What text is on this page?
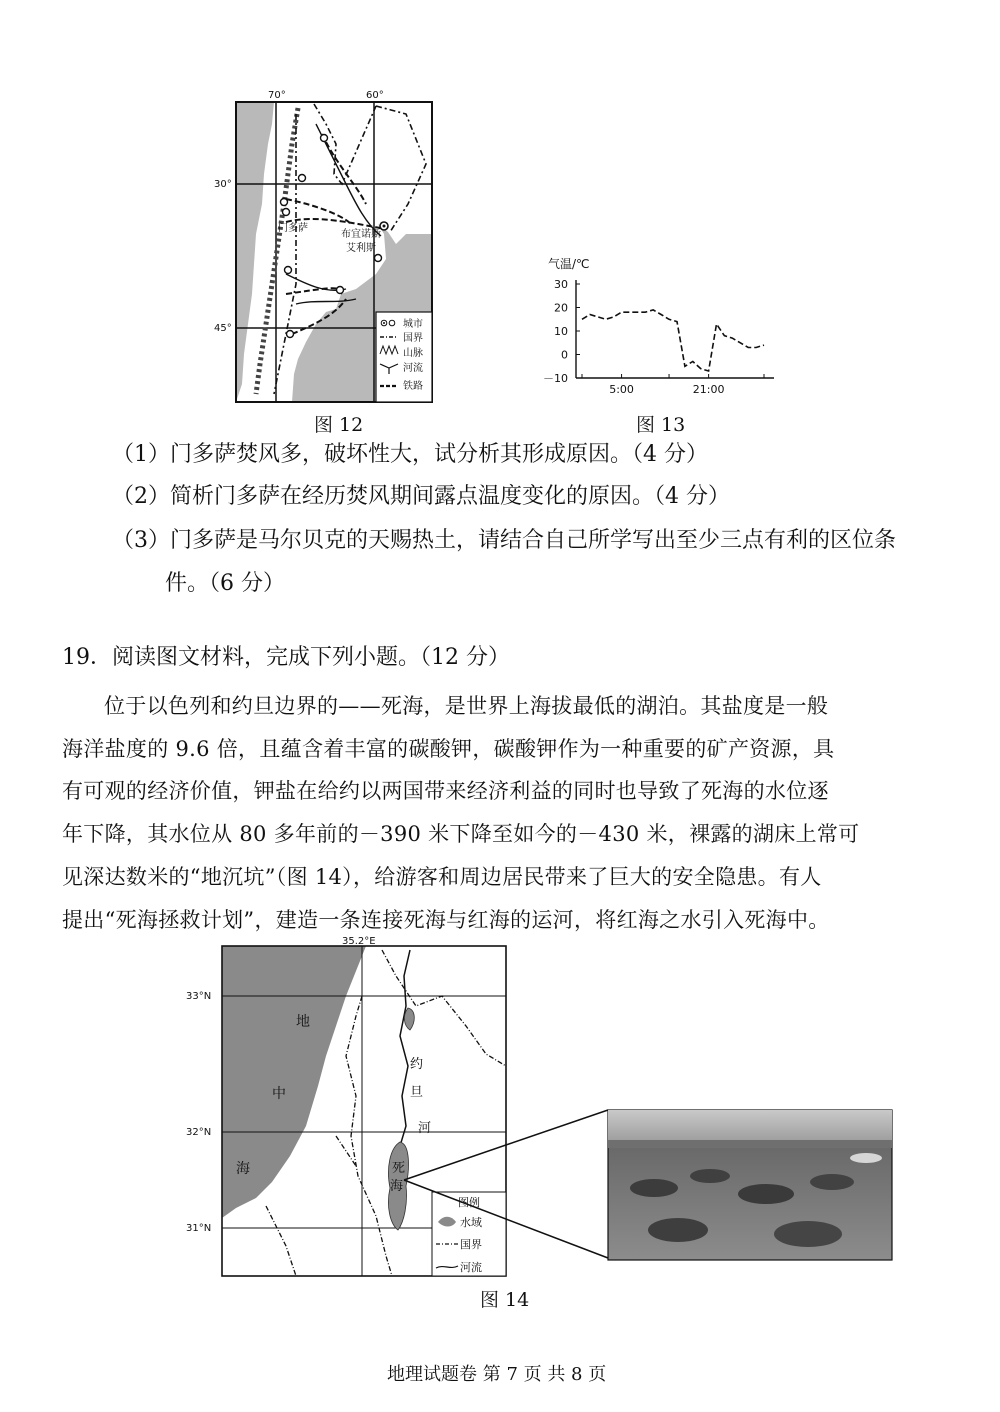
城市
国界
山脉
河流
铁路
门多萨
布宜诺斯
艾利斯
70°	60°
30°
45°
图 12
气温/℃
30
20
10
0
－10
5:00	21:00
图 13
（1）门多萨焚风多，破坏性大，试分析其形成原因。（4 分）
（2）简析门多萨在经历焚风期间露点温度变化的原因。（4 分）
（3）门多萨是马尔贝克的天赐热土，请结合自己所学写出至少三点有利的区位条
件。（6 分）
19．阅读图文材料，完成下列小题。（12 分）
位于以色列和约旦边界的——死海，是世界上海拔最低的湖泊。其盐度是一般
海洋盐度的 9.6 倍，且蕴含着丰富的碳酸钾，碳酸钾作为一种重要的矿产资源，具
有可观的经济价值，钾盐在给约以两国带来经济利益的同时也导致了死海的水位逐
年下降，其水位从 80 多年前的－390 米下降至如今的－430 米，裸露的湖床上常可
见深达数米的“地沉坑”（图 14），给游客和周边居民带来了巨大的安全隐患。有人
提出“死海拯救计划”，建造一条连接死海与红海的运河，将红海之水引入死海中。
地
中
海
约
旦
河
死
海
35.2°E
33°N
32°N
31°N
图例
水域
国界
河流
图 14
地理试题卷 第 7 页 共 8 页
